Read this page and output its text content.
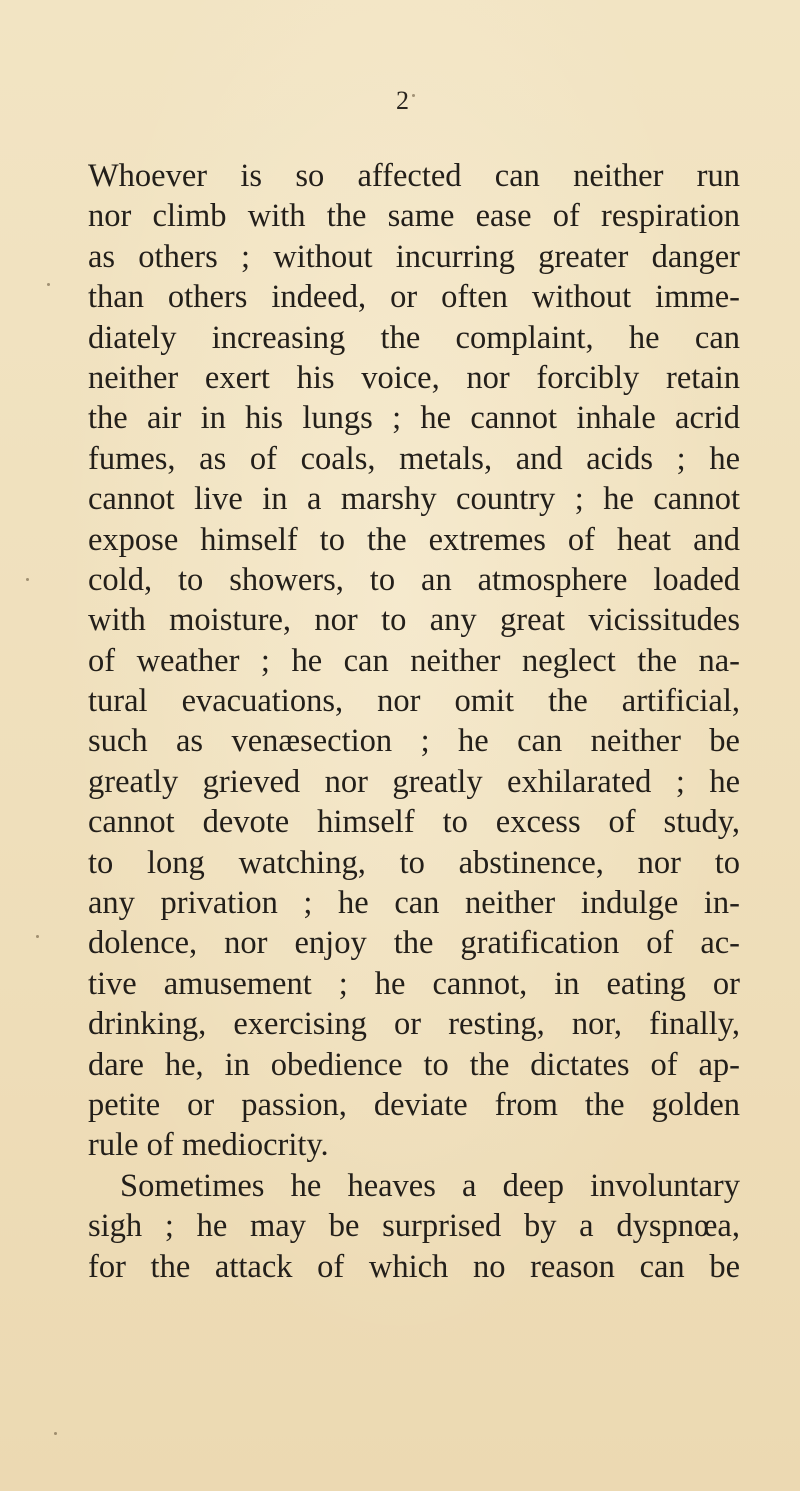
2
Whoever is so affected can neither run
nor climb with the same ease of respiration
as others ; without incurring greater danger
than others indeed, or often without imme-
diately increasing the complaint, he can
neither exert his voice, nor forcibly retain
the air in his lungs ; he cannot inhale acrid
fumes, as of coals, metals, and acids ; he
cannot live in a marshy country ; he cannot
expose himself to the extremes of heat and
cold, to showers, to an atmosphere loaded
with moisture, nor to any great vicissitudes
of weather ; he can neither neglect the na-
tural evacuations, nor omit the artificial,
such as venæsection ; he can neither be
greatly grieved nor greatly exhilarated ; he
cannot devote himself to excess of study,
to long watching, to abstinence, nor to
any privation ; he can neither indulge in-
dolence, nor enjoy the gratification of ac-
tive amusement ; he cannot, in eating or
drinking, exercising or resting, nor, finally,
dare he, in obedience to the dictates of ap-
petite or passion, deviate from the golden
rule of mediocrity.
Sometimes he heaves a deep involuntary
sigh ; he may be surprised by a dyspnœa,
for the attack of which no reason can be
